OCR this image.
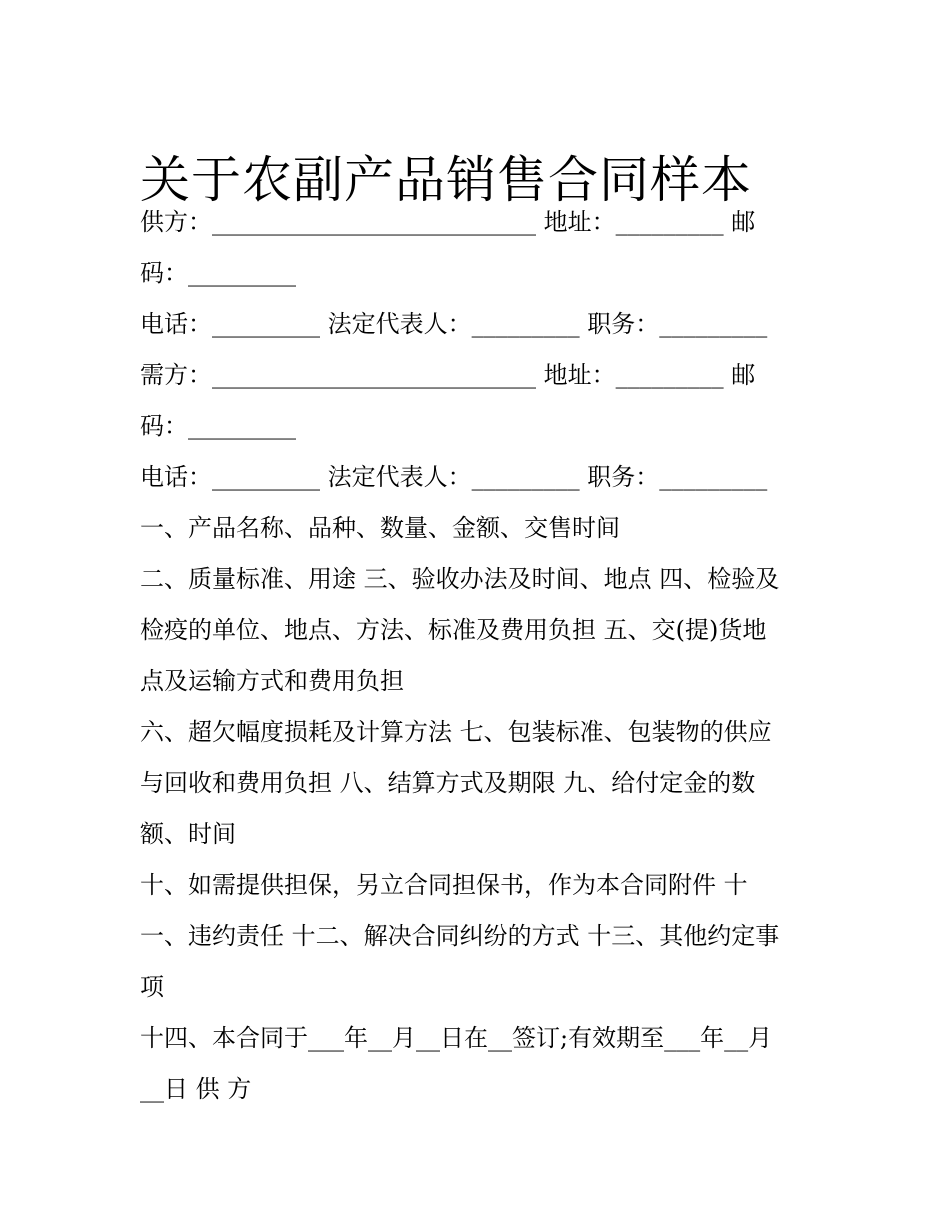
关于农副产品销售合同样本
供方：___________________________ 地址：_________ 邮
码：_________
电话：_________ 法定代表人：_________ 职务：_________
需方：___________________________ 地址：_________ 邮
码：_________
电话：_________ 法定代表人：_________ 职务：_________
一、产品名称、品种、数量、金额、交售时间
二、质量标准、用途 三、验收办法及时间、地点 四、检验及
检疫的单位、地点、方法、标准及费用负担 五、交(提)货地
点及运输方式和费用负担
六、超欠幅度损耗及计算方法 七、包装标准、包装物的供应
与回收和费用负担 八、结算方式及期限 九、给付定金的数
额、时间
十、如需提供担保，另立合同担保书，作为本合同附件 十
一、违约责任 十二、解决合同纠纷的方式 十三、其他约定事
项
十四、本合同于___年__月__日在__签订;有效期至___年__月
__日 供 方
